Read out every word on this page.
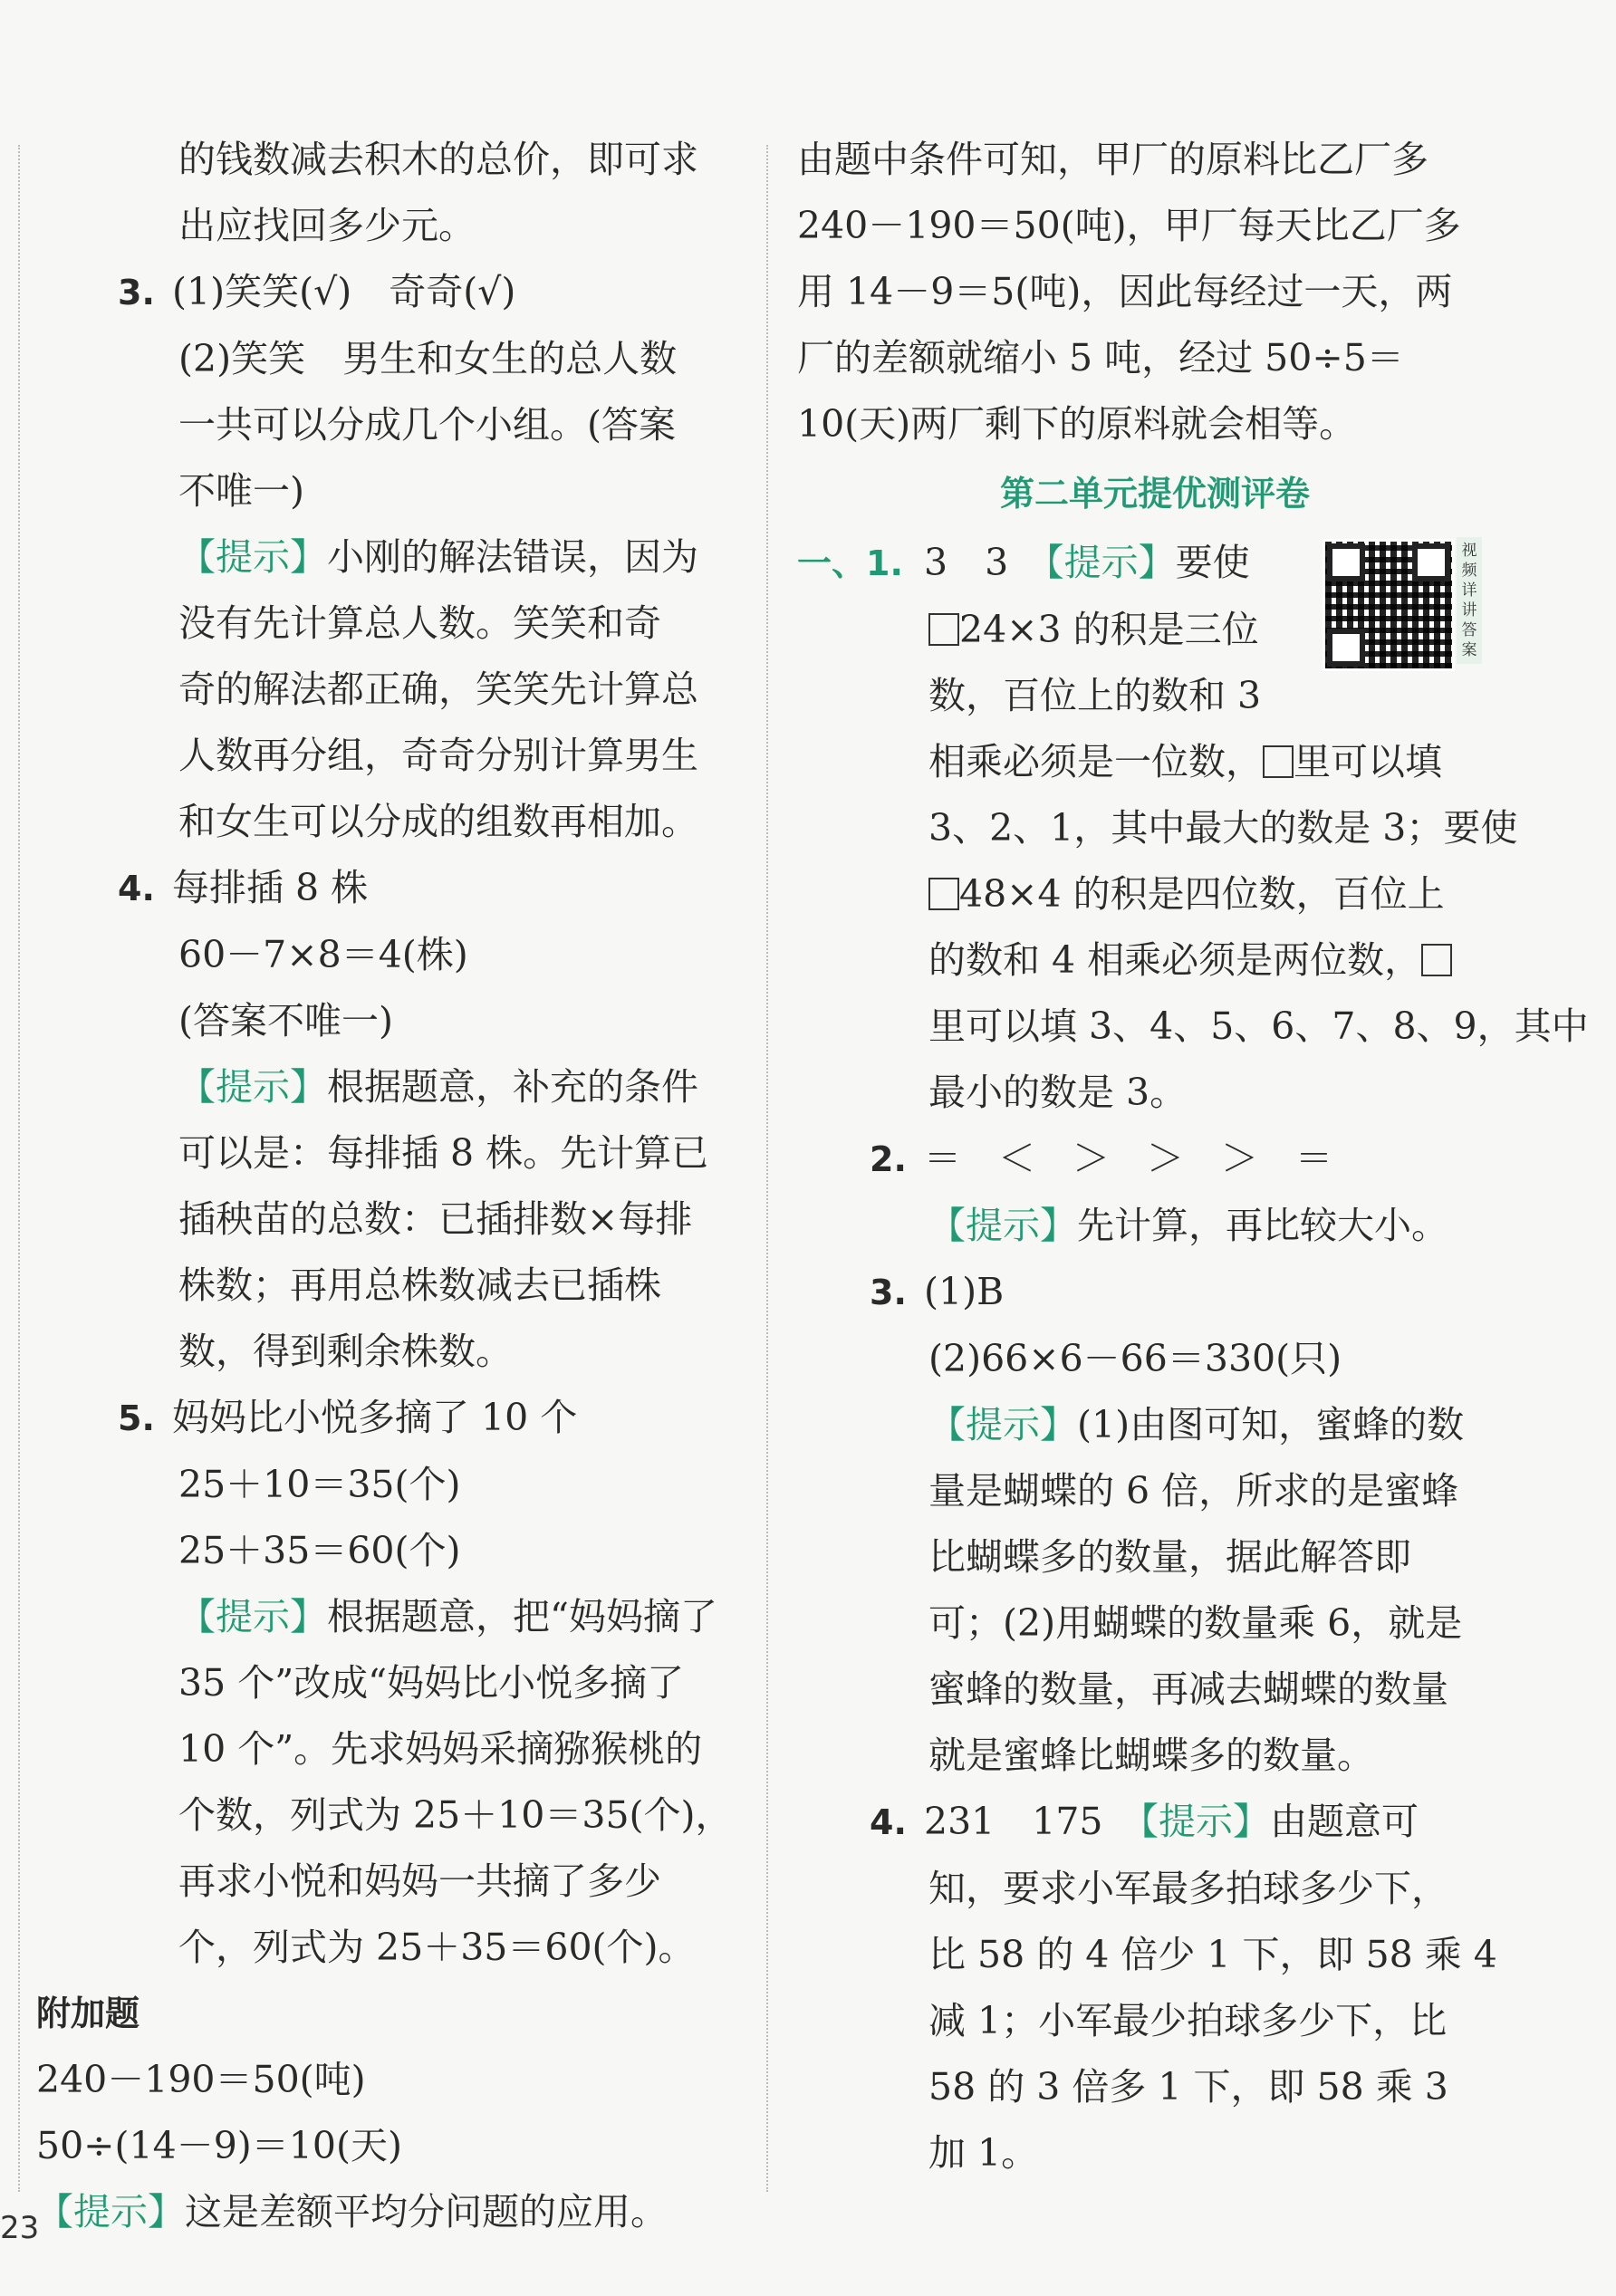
的钱数减去积木的总价，即可求
出应找回多少元。
3. (1)笑笑(√)　奇奇(√)
(2)笑笑　男生和女生的总人数
一共可以分成几个小组。(答案
不唯一)
【提示】小刚的解法错误，因为
没有先计算总人数。笑笑和奇
奇的解法都正确，笑笑先计算总
人数再分组，奇奇分别计算男生
和女生可以分成的组数再相加。
4. 每排插 8 株
60－7×8＝4(株)
(答案不唯一)
【提示】根据题意，补充的条件
可以是：每排插 8 株。先计算已
插秧苗的总数：已插排数×每排
株数；再用总株数减去已插株
数，得到剩余株数。
5. 妈妈比小悦多摘了 10 个
25＋10＝35(个)
25＋35＝60(个)
【提示】根据题意，把“妈妈摘了
35 个”改成“妈妈比小悦多摘了
10 个”。先求妈妈采摘猕猴桃的
个数，列式为 25＋10＝35(个)，
再求小悦和妈妈一共摘了多少
个，列式为 25＋35＝60(个)。
附加题
240－190＝50(吨)
50÷(14－9)＝10(天)
【提示】这是差额平均分问题的应用。
由题中条件可知，甲厂的原料比乙厂多
240－190＝50(吨)，甲厂每天比乙厂多
用 14－9＝5(吨)，因此每经过一天，两
厂的差额就缩小 5 吨，经过 50÷5＝
10(天)两厂剩下的原料就会相等。
第二单元提优测评卷
视频详讲答案
一、1. 3　3　 【提示】要使
24×3 的积是三位
数，百位上的数和 3
相乘必须是一位数， 里可以填
3、2、1，其中最大的数是 3；要使
48×4 的积是四位数，百位上
的数和 4 相乘必须是两位数，
里可以填 3、4、5、6、7、8、9，其中
最小的数是 3。
2. ＝　＜　＞　＞　＞　＝
【提示】先计算，再比较大小。
3. (1)B
(2)66×6－66＝330(只)
【提示】(1)由图可知，蜜蜂的数
量是蝴蝶的 6 倍，所求的是蜜蜂
比蝴蝶多的数量，据此解答即
可；(2)用蝴蝶的数量乘 6，就是
蜜蜂的数量，再减去蝴蝶的数量
就是蜜蜂比蝴蝶多的数量。
4. 231　175　 【提示】由题意可
知，要求小军最多拍球多少下，
比 58 的 4 倍少 1 下，即 58 乘 4
减 1；小军最少拍球多少下，比
58 的 3 倍多 1 下，即 58 乘 3
加 1。
23
